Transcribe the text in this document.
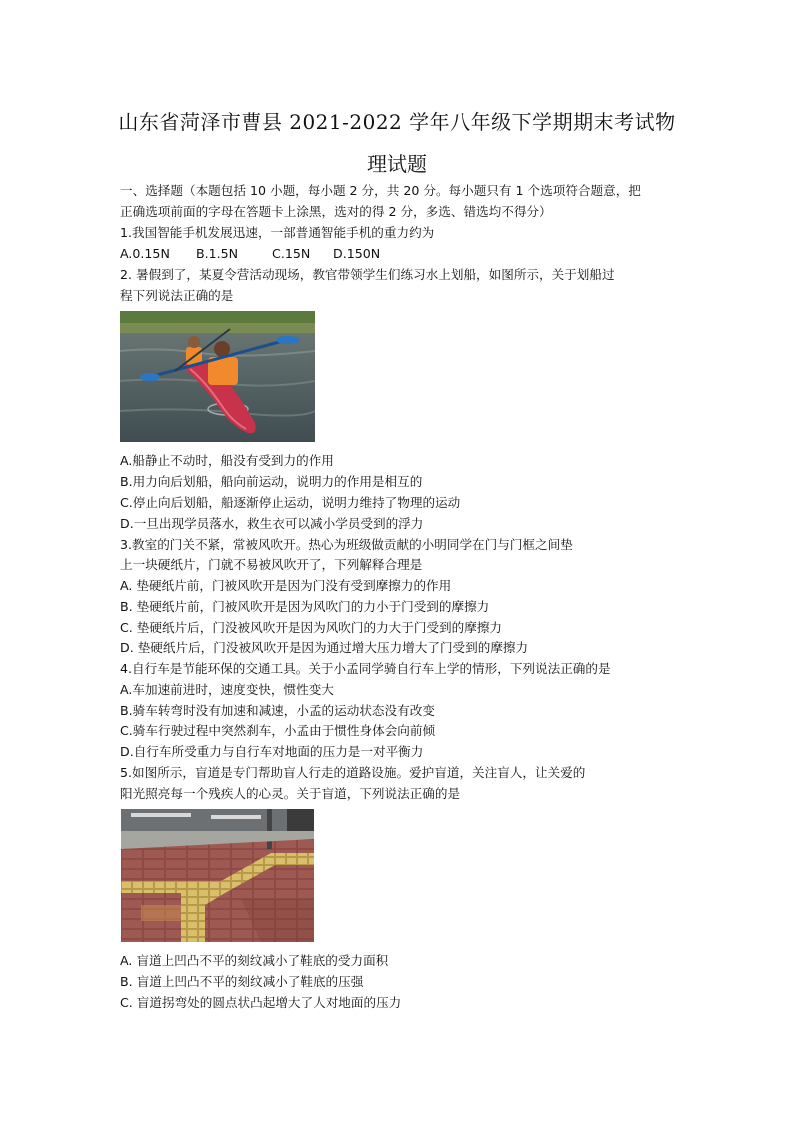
山东省菏泽市曹县 2021-2022 学年八年级下学期期末考试物
理试题
一、选择题（本题包括 10 小题，每小题 2 分，共 20 分。每小题只有 1 个选项符合题意，把
正确选项前面的字母在答题卡上涂黑，选对的得 2 分，多选、错选均不得分）
1.我国智能手机发展迅速，一部普通智能手机的重力约为
A.0.15N B.1.5N	C.15N D.150N
2. 暑假到了，某夏令营活动现场，教官带领学生们练习水上划船，如图所示，关于划船过
程下列说法正确的是
A.船静止不动时，船没有受到力的作用
B.用力向后划船，船向前运动，说明力的作用是相互的
C.停止向后划船，船逐渐停止运动，说明力维持了物理的运动
D.一旦出现学员落水，救生衣可以减小学员受到的浮力
3.教室的门关不紧，常被风吹开。热心为班级做贡献的小明同学在门与门框之间垫
上一块硬纸片，门就不易被风吹开了，下列解释合理是
A. 垫硬纸片前，门被风吹开是因为门没有受到摩擦力的作用
B. 垫硬纸片前，门被风吹开是因为风吹门的力小于门受到的摩擦力
C. 垫硬纸片后，门没被风吹开是因为风吹门的力大于门受到的摩擦力
D. 垫硬纸片后，门没被风吹开是因为通过增大压力增大了门受到的摩擦力
4.自行车是节能环保的交通工具。关于小孟同学骑自行车上学的情形，下列说法正确的是
A.车加速前进时，速度变快，惯性变大
B.骑车转弯时没有加速和减速，小孟的运动状态没有改变
C.骑车行驶过程中突然刹车，小孟由于惯性身体会向前倾
D.自行车所受重力与自行车对地面的压力是一对平衡力
5.如图所示，盲道是专门帮助盲人行走的道路设施。爱护盲道，关注盲人，让关爱的
阳光照亮每一个残疾人的心灵。关于盲道，下列说法正确的是
A. 盲道上凹凸不平的刻纹减小了鞋底的受力面积
B. 盲道上凹凸不平的刻纹减小了鞋底的压强
C. 盲道拐弯处的圆点状凸起增大了人对地面的压力
